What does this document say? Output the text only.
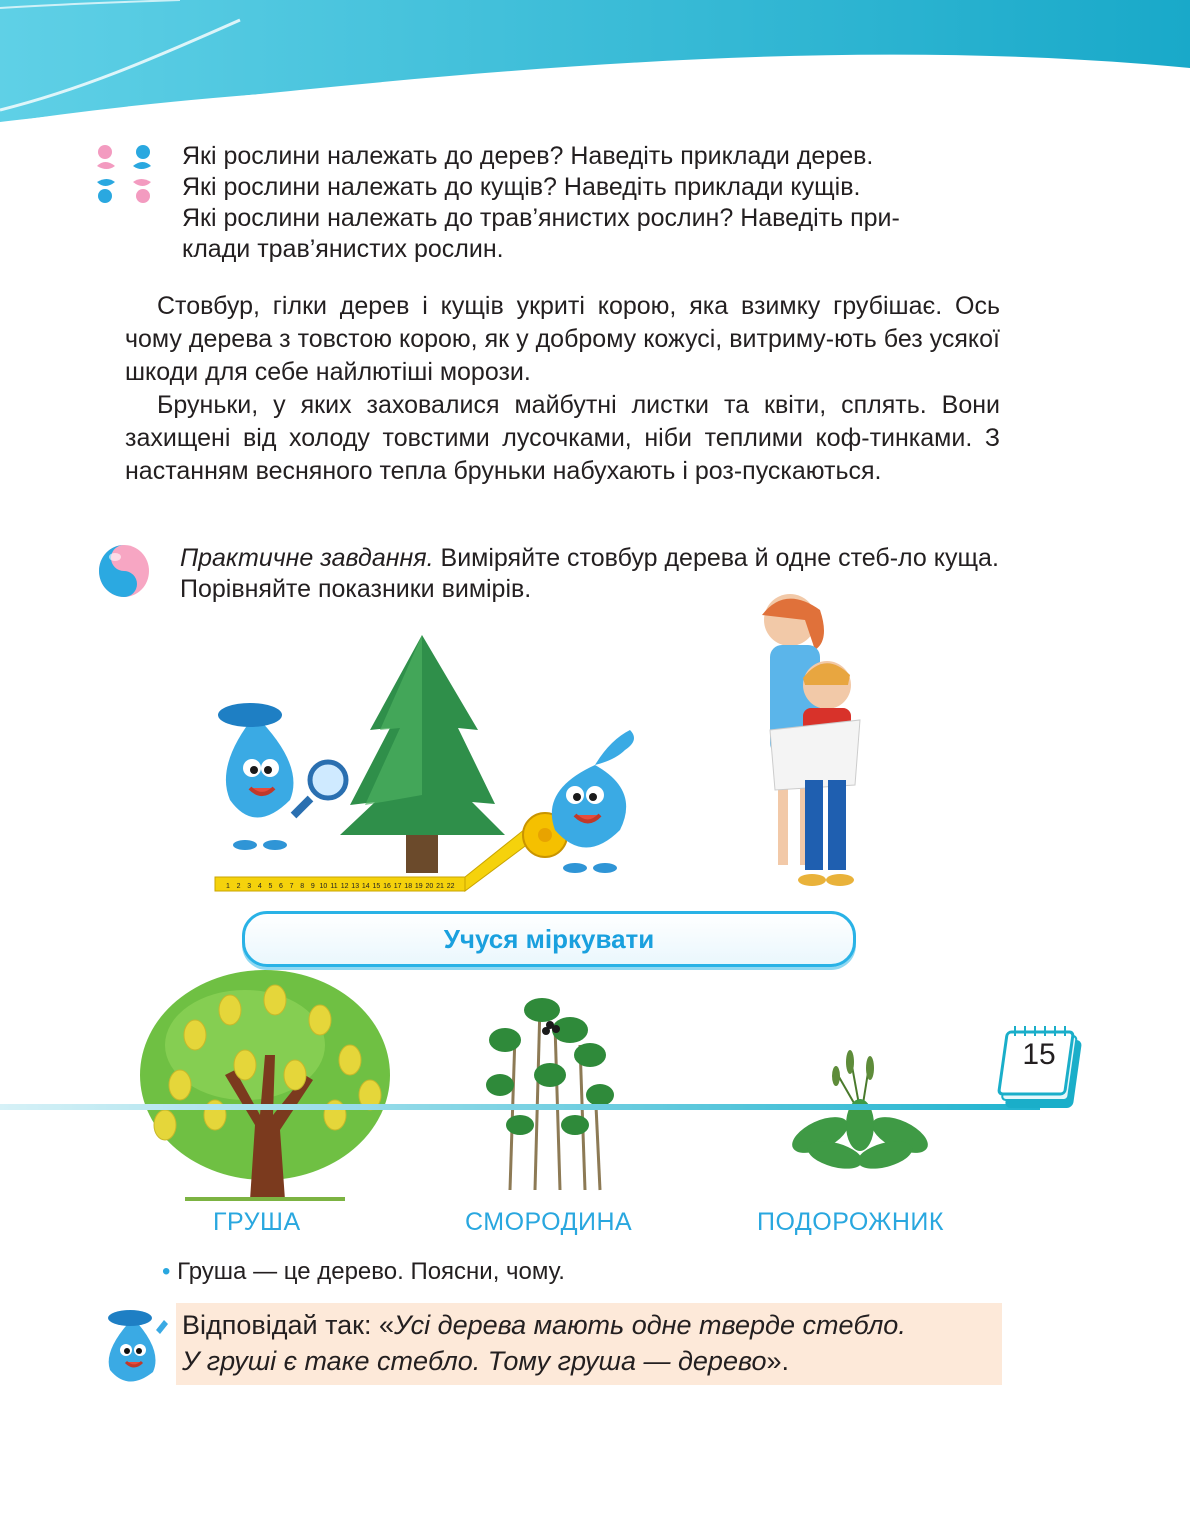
Які рослини належать до дерев? Наведіть приклади дерев.
Які рослини належать до кущів? Наведіть приклади кущів.
Які рослини належать до трав’янистих рослин? Наведіть при-
клади трав’янистих рослин.

Стовбур, гілки дерев і кущів укриті корою, яка взимку грубішає. Ось чому дерева з товстою корою, як у доброму кожусі, витриму-ють без усякої шкоди для себе найлютіші морози.

Бруньки, у яких заховалися майбутні листки та квіти, сплять. Вони захищені від холоду товстими лусочками, ніби теплими коф-тинками. З настанням весняного тепла бруньки набухають і роз-пускаються.

Практичне завдання. Виміряйте стовбур дерева й одне стеб-ло куща. Порівняйте показники вимірів.
1 2 3 4 5 6 7 8 9 10 11 12 13 14 15 16 17 18 19 20 21 22
Учуся міркувати
ГРУША	СМОРОДИНА	ПОДОРОЖНИК
• Груша — це дерево. Поясни, чому.
Відповідай так: «Усі дерева мають одне тверде стебло.
У груші є таке стебло. Тому груша — дерево».
15
